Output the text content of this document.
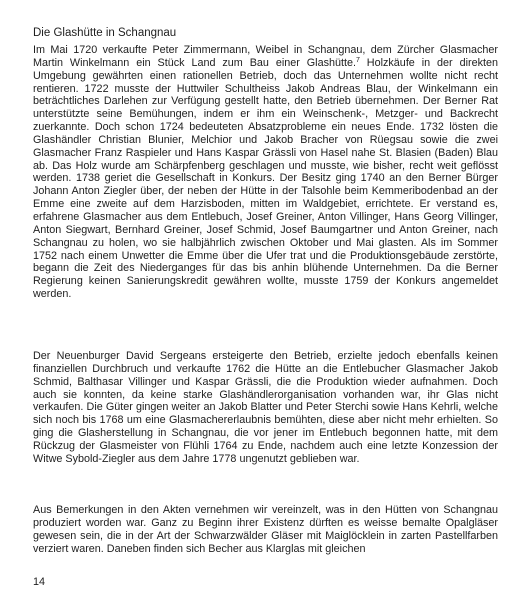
Die Glashütte in Schangnau

Im Mai 1720 verkaufte Peter Zimmermann, Weibel in Schangnau, dem Zürcher Glasmacher Martin Winkelmann ein Stück Land zum Bau einer Glashütte.$^7$ Holzkäufe in der direkten Umgebung gewährten einen rationellen Betrieb, doch das Unternehmen wollte nicht recht rentieren. 1722 musste der Huttwiler Schultheiss Jakob Andreas Blau, der Winkelmann ein beträchtliches Darlehen zur Verfügung gestellt hatte, den Betrieb übernehmen. Der Berner Rat unterstützte seine Bemühungen, indem er ihm ein Weinschenk-, Metzger- und Backrecht zuerkannte. Doch schon 1724 bedeuteten Absatzprobleme ein neues Ende. 1732 lösten die Glashändler Christian Blunier, Melchior und Jakob Bracher von Rüegsau sowie die zwei Glasmacher Franz Raspieler und Hans Kaspar Grässli von Hasel nahe St. Blasien (Baden) Blau ab. Das Holz wurde am Schärpfenberg geschlagen und musste, wie bisher, recht weit geflösst werden. 1738 geriet die Gesellschaft in Konkurs. Der Besitz ging 1740 an den Berner Bürger Johann Anton Ziegler über, der neben der Hütte in der Talsohle beim Kemmeribodenbad an der Emme eine zweite auf dem Harzisboden, mitten im Waldgebiet, errichtete. Er verstand es, erfahrene Glasmacher aus dem Entlebuch, Josef Greiner, Anton Villinger, Hans Georg Villinger, Anton Siegwart, Bernhard Greiner, Josef Schmid, Josef Baumgartner und Anton Greiner, nach Schangnau zu holen, wo sie halbjährlich zwischen Oktober und Mai glasten. Als im Sommer 1752 nach einem Unwetter die Emme über die Ufer trat und die Produktionsgebäude zerstörte, begann die Zeit des Niederganges für das bis anhin blühende Unternehmen. Da die Berner Regierung keinen Sanierungskredit gewähren wollte, musste 1759 der Konkurs angemeldet werden.

Der Neuenburger David Sergeans ersteigerte den Betrieb, erzielte jedoch ebenfalls keinen finanziellen Durchbruch und verkaufte 1762 die Hütte an die Entlebucher Glasmacher Jakob Schmid, Balthasar Villinger und Kaspar Grässli, die die Produktion wieder aufnahmen. Doch auch sie konnten, da keine starke Glashändlerorganisation vorhanden war, ihr Glas nicht verkaufen. Die Güter gingen weiter an Jakob Blatter und Peter Sterchi sowie Hans Kehrli, welche sich noch bis 1768 um eine Glasmachererlaubnis bemühten, diese aber nicht mehr erhielten. So ging die Glasherstellung in Schangnau, die vor jener im Entlebuch begonnen hatte, mit dem Rückzug der Glasmeister von Flühli 1764 zu Ende, nachdem auch eine letzte Konzession der Witwe Sybold-Ziegler aus dem Jahre 1778 ungenutzt geblieben war.

Aus Bemerkungen in den Akten vernehmen wir vereinzelt, was in den Hütten von Schangnau produziert worden war. Ganz zu Beginn ihrer Existenz dürften es weisse bemalte Opalgläser gewesen sein, die in der Art der Schwarzwälder Gläser mit Maiglöcklein in zarten Pastellfarben verziert waren. Daneben finden sich Becher aus Klarglas mit gleichen

14
